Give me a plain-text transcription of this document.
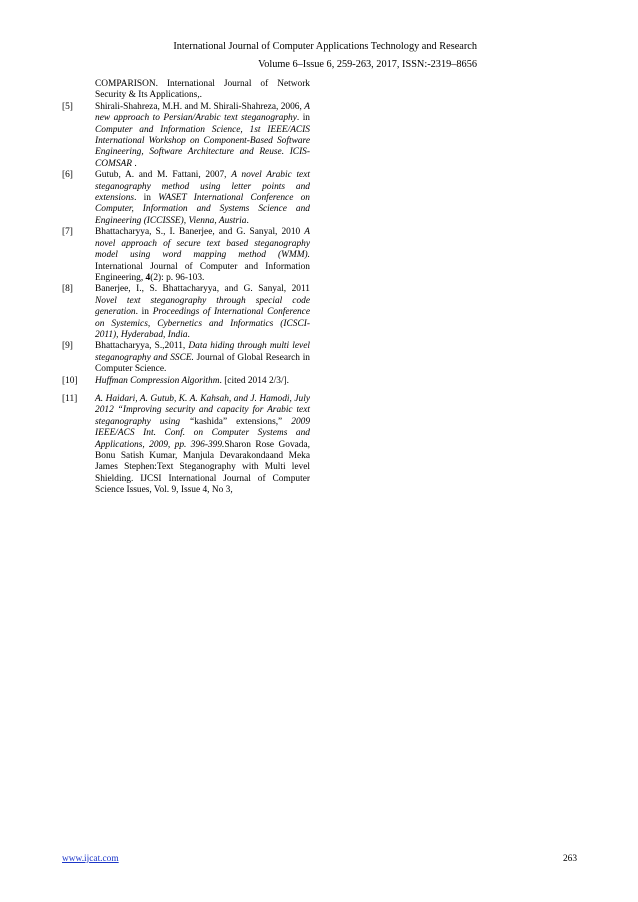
International Journal of Computer Applications Technology and Research
Volume 6–Issue 6, 259-263, 2017, ISSN:-2319–8656
COMPARISON. International Journal of Network Security & Its Applications,.
[5] Shirali-Shahreza, M.H. and M. Shirali-Shahreza, 2006, A new approach to Persian/Arabic text steganography. in Computer and Information Science, 1st IEEE/ACIS International Workshop on Component-Based Software Engineering, Software Architecture and Reuse. ICIS-COMSAR .
[6] Gutub, A. and M. Fattani, 2007, A novel Arabic text steganography method using letter points and extensions. in WASET International Conference on Computer, Information and Systems Science and Engineering (ICCISSE), Vienna, Austria.
[7] Bhattacharyya, S., I. Banerjee, and G. Sanyal, 2010 A novel approach of secure text based steganography model using word mapping method (WMM). International Journal of Computer and Information Engineering, 4(2): p. 96-103.
[8] Banerjee, I., S. Bhattacharyya, and G. Sanyal, 2011 Novel text steganography through special code generation. in Proceedings of International Conference on Systemics, Cybernetics and Informatics (ICSCI-2011), Hyderabad, India.
[9] Bhattacharyya, S.,2011, Data hiding through multi level steganography and SSCE. Journal of Global Research in Computer Science.
[10] Huffman Compression Algorithm. [cited 2014 2/3/].
[11] A. Haidari, A. Gutub, K. A. Kahsah, and J. Hamodi, July 2012 “Improving security and capacity for Arabic text steganography using “kashida” extensions,” 2009 IEEE/ACS Int. Conf. on Computer Systems and Applications, 2009, pp. 396-399.Sharon Rose Govada, Bonu Satish Kumar, Manjula Devarakondaand Meka James Stephen:Text Steganography with Multi level Shielding. IJCSI International Journal of Computer Science Issues, Vol. 9, Issue 4, No 3,
www.ijcat.com	263
